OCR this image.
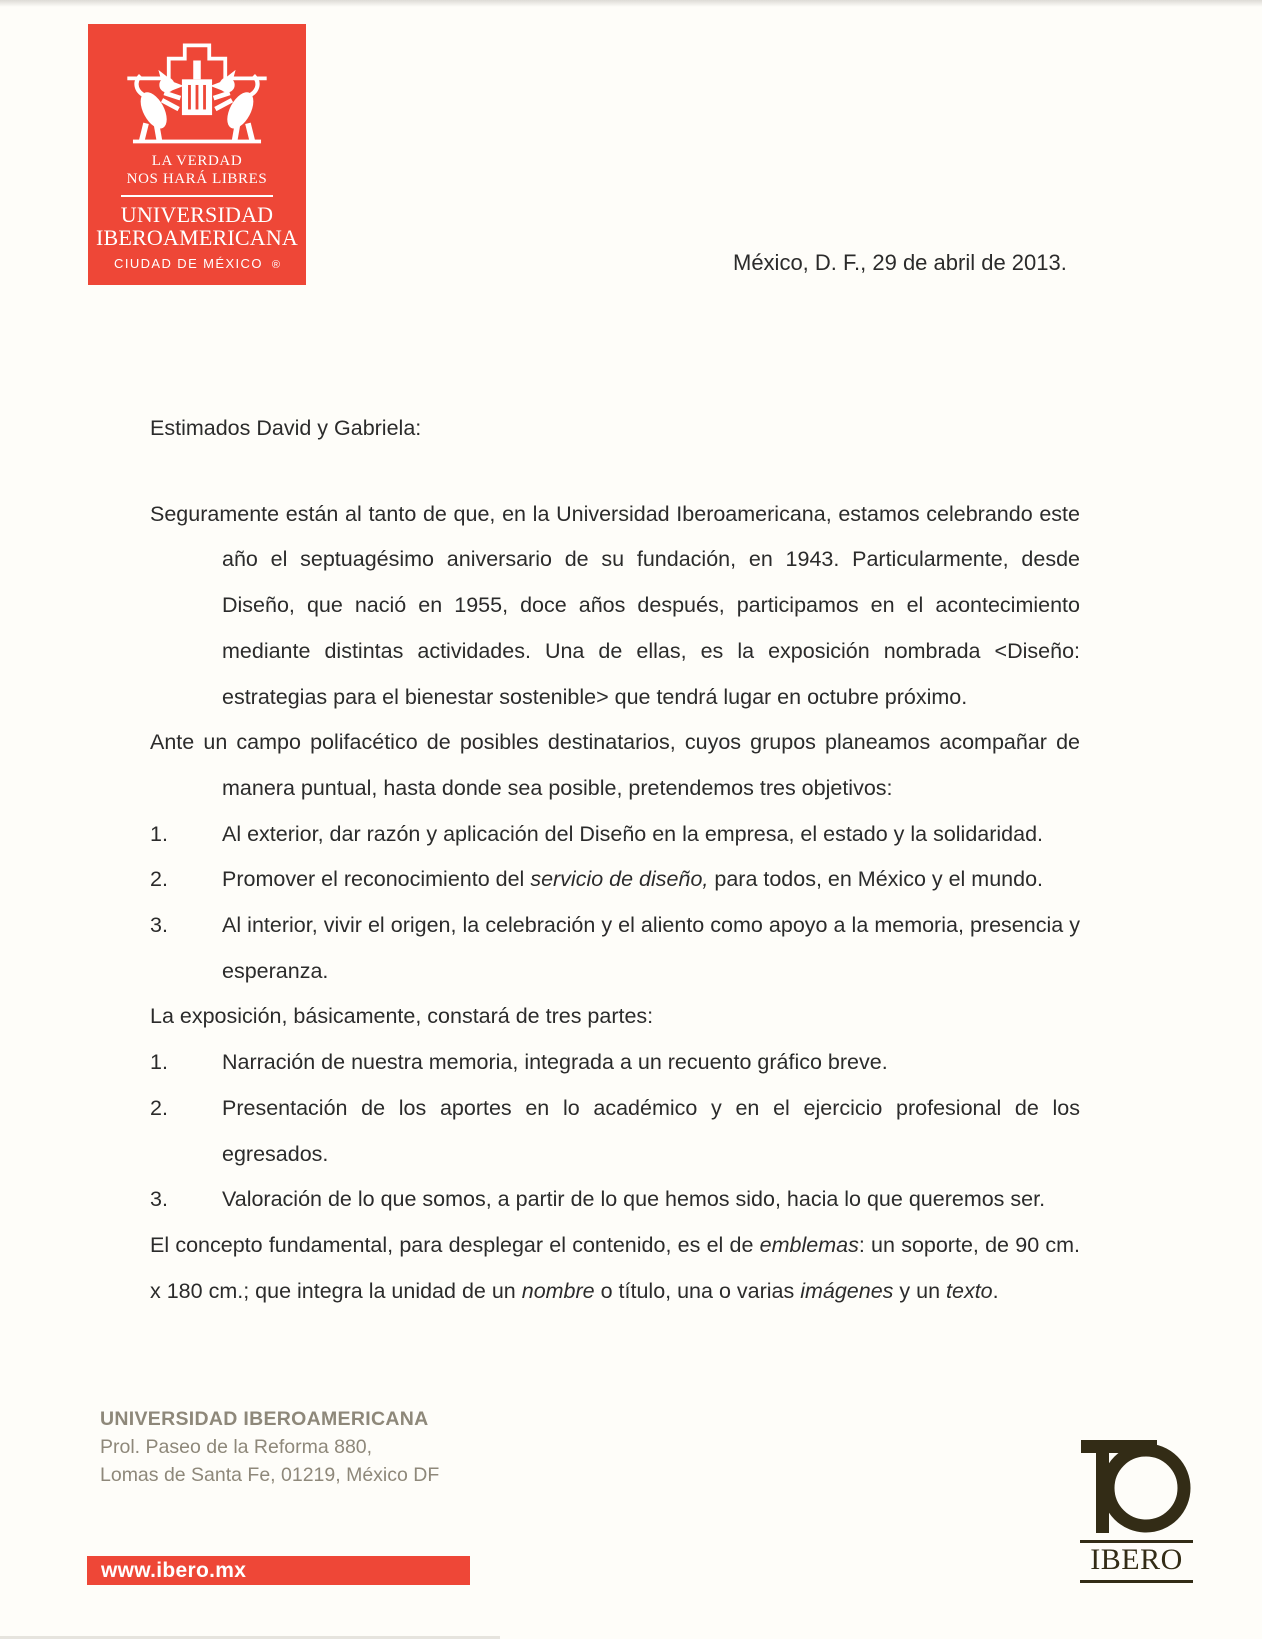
LA VERDAD
NOS HARÁ LIBRES
UNIVERSIDAD
IBEROAMERICANA
CIUDAD DE MÉXICO ®	México, D. F., 29 de abril de 2013.

Estimados David y Gabriela:

Seguramente están al tanto de que, en la Universidad Iberoamericana, estamos celebrando este año el septuagésimo aniversario de su fundación, en 1943. Particularmente, desde Diseño, que nació en 1955, doce años después, participamos en el acontecimiento mediante distintas actividades. Una de ellas, es la exposición nombrada <Diseño: estrategias para el bienestar sostenible> que tendrá lugar en octubre próximo.

Ante un campo polifacético de posibles destinatarios, cuyos grupos planeamos acompañar de manera puntual, hasta donde sea posible, pretendemos tres objetivos:

1.	Al exterior, dar razón y aplicación del Diseño en la empresa, el estado y la solidaridad.
2.	Promover el reconocimiento del servicio de diseño, para todos, en México y el mundo.
3.	Al interior, vivir el origen, la celebración y el aliento como apoyo a la memoria, presencia y esperanza.

La exposición, básicamente, constará de tres partes:

1.	Narración de nuestra memoria, integrada a un recuento gráfico breve.
2.	Presentación de los aportes en lo académico y en el ejercicio profesional de los egresados.
3.	Valoración de lo que somos, a partir de lo que hemos sido, hacia lo que queremos ser.

El concepto fundamental, para desplegar el contenido, es el de emblemas: un soporte, de 90 cm. x 180 cm.; que integra la unidad de un nombre o título, una o varias imágenes y un texto.

UNIVERSIDAD IBEROAMERICANA
Prol. Paseo de la Reforma 880,
Lomas de Santa Fe, 01219, México DF
www.ibero.mx	IBERO
